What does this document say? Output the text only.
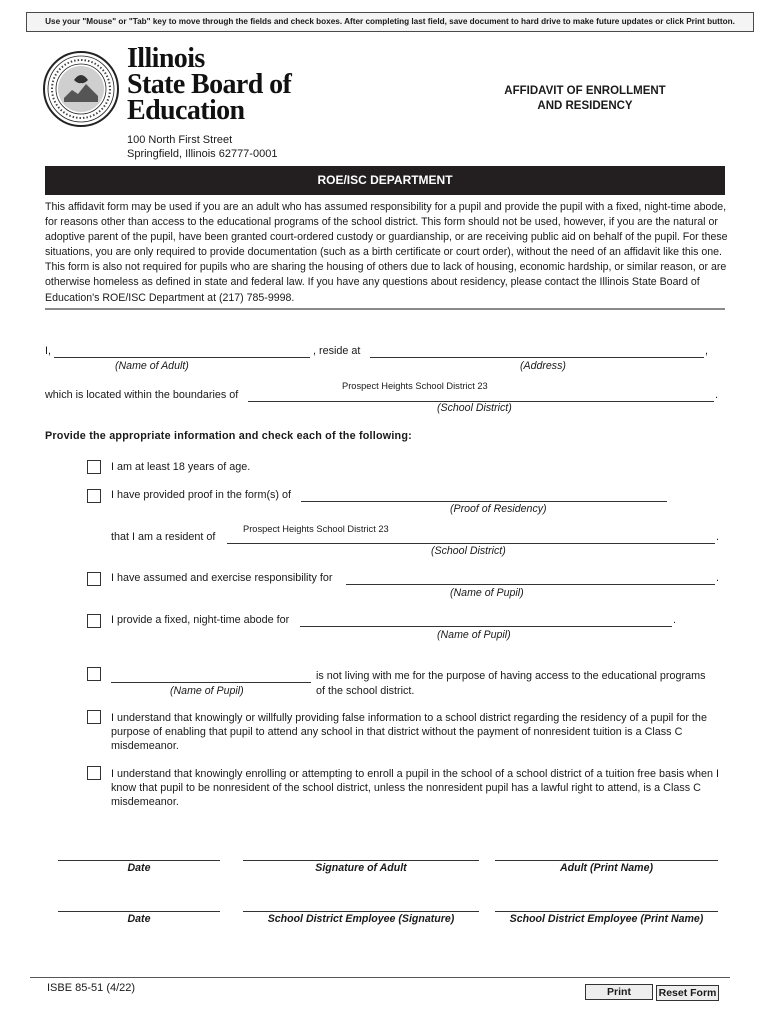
Use your "Mouse" or "Tab" key to move through the fields and check boxes. After completing last field, save document to hard drive to make future updates or click Print button.
Illinois
State Board of
Education
AFFIDAVIT OF ENROLLMENT
AND RESIDENCY
100 North First Street
Springfield, Illinois 62777-0001
ROE/ISC DEPARTMENT
This affidavit form may be used if you are an adult who has assumed responsibility for a pupil and provide the pupil with a fixed, night-time abode, for reasons other than access to the educational programs of the school district. This form should not be used, however, if you are the natural or adoptive parent of the pupil, have been granted court-ordered custody or guardianship, or are receiving public aid on behalf of the pupil. For these situations, you are only required to provide documentation (such as a birth certificate or court order), without the need of an affidavit like this one. This form is also not required for pupils who are sharing the housing of others due to lack of housing, economic hardship, or similar reason, or are otherwise homeless as defined in state and federal law. If you have any questions about residency, please contact the Illinois State Board of Education's ROE/ISC Department at (217) 785-9998.
I,	, reside at	,
(Name of Adult)	(Address)
Prospect Heights School District 23
which is located within the boundaries of	.
(School District)
Provide the appropriate information and check each of the following:
I am at least 18 years of age.
I have provided proof in the form(s) of
(Proof of Residency)
Prospect Heights School District 23
that I am a resident of	.
(School District)
I have assumed and exercise responsibility for	.
(Name of Pupil)
I provide a fixed, night-time abode for	.
(Name of Pupil)
is not living with me for the purpose of having access to the educational programs
(Name of Pupil)	of the school district.
I understand that knowingly or willfully providing false information to a school district regarding the residency of a pupil for the purpose of enabling that pupil to attend any school in that district without the payment of nonresident tuition is a Class C misdemeanor.
I understand that knowingly enrolling or attempting to enroll a pupil in the school of a school district of a tuition free basis when I know that pupil to be nonresident of the school district, unless the nonresident pupil has a lawful right to attend, is a Class C misdemeanor.
Date	Signature of Adult	Adult (Print Name)
Date	School District Employee (Signature)	School District Employee (Print Name)
ISBE 85-51 (4/22)	Print	Reset Form
